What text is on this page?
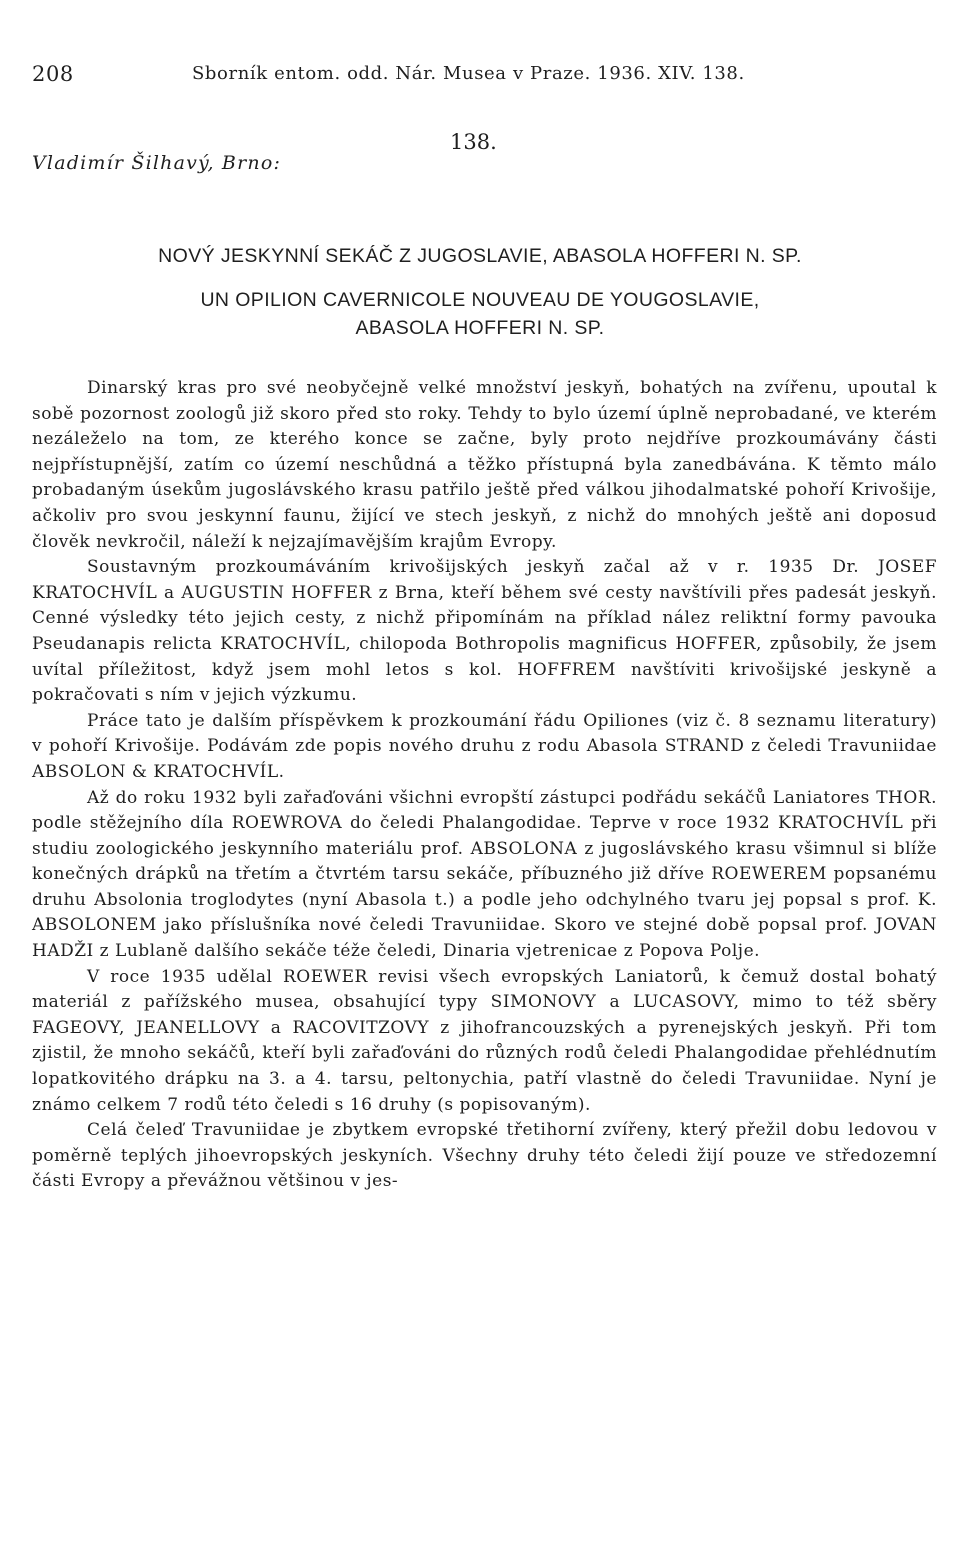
208	Sborník entom. odd. Nár. Musea v Praze. 1936. XIV. 138.
138.
Vladimír Šilhavý, Brno:
NOVÝ JESKYNNÍ SEKÁČ Z JUGOSLAVIE, ABASOLA HOFFERI N. SP.
UN OPILION CAVERNICOLE NOUVEAU DE YOUGOSLAVIE,
ABASOLA HOFFERI N. SP.

Dinarský kras pro své neobyčejně velké množství jeskyň, bohatých na zvířenu, upoutal k sobě pozornost zoologů již skoro před sto roky. Tehdy to bylo území úplně neprobadané, ve kterém nezáleželo na tom, ze kterého konce se začne, byly proto nejdříve prozkoumávány části nejpřístupnější, zatím co území neschůdná a těžko přístupná byla zanedbávána. K těmto málo probadaným úsekům jugoslávského krasu patřilo ještě před válkou jihodalmatské pohoří Krivošije, ačkoliv pro svou jeskynní faunu, žijící ve stech jeskyň, z nichž do mnohých ještě ani doposud člověk nevkročil, náleží k nejzajímavějším krajům Evropy.

Soustavným prozkoumáváním krivošijských jeskyň začal až v r. 1935 Dr. JOSEF KRATOCHVÍL a AUGUSTIN HOFFER z Brna, kteří během své cesty navštívili přes padesát jeskyň. Cenné výsledky této jejich cesty, z nichž připomínám na příklad nález reliktní formy pavouka Pseudanapis relicta KRATOCHVÍL, chilopoda Bothropolis magnificus HOFFER, způsobily, že jsem uvítal příležitost, když jsem mohl letos s kol. HOFFREM navštíviti krivošijské jeskyně a pokračovati s ním v jejich výzkumu.

Práce tato je dalším příspěvkem k prozkoumání řádu Opiliones (viz č. 8 seznamu literatury) v pohoří Krivošije. Podávám zde popis nového druhu z rodu Abasola STRAND z čeledi Travuniidae ABSOLON & KRATOCHVÍL.

Až do roku 1932 byli zařaďováni všichni evropští zástupci podřádu sekáčů Laniatores THOR. podle stěžejního díla ROEWROVA do čeledi Phalangodidae. Teprve v roce 1932 KRATOCHVÍL při studiu zoologického jeskynního materiálu prof. ABSOLONA z jugoslávského krasu všimnul si blíže konečných drápků na třetím a čtvrtém tarsu sekáče, příbuzného již dříve ROEWEREM popsanému druhu Absolonia troglodytes (nyní Abasola t.) a podle jeho odchylného tvaru jej popsal s prof. K. ABSOLONEM jako příslušníka nové čeledi Travuniidae. Skoro ve stejné době popsal prof. JOVAN HADŽI z Lublaně dalšího sekáče téže čeledi, Dinaria vjetrenicae z Popova Polje.

V roce 1935 udělal ROEWER revisi všech evropských Laniatorů, k čemuž dostal bohatý materiál z pařížského musea, obsahující typy SIMONOVY a LUCASOVY, mimo to též sběry FAGEOVY, JEANELLOVY a RACOVITZOVY z jihofrancouzských a pyrenejských jeskyň. Při tom zjistil, že mnoho sekáčů, kteří byli zařaďováni do různých rodů čeledi Phalangodidae přehlédnutím lopatkovitého drápku na 3. a 4. tarsu, peltonychia, patří vlastně do čeledi Travuniidae. Nyní je známo celkem 7 rodů této čeledi s 16 druhy (s popisovaným).

Celá čeleď Travuniidae je zbytkem evropské třetihorní zvířeny, který přežil dobu ledovou v poměrně teplých jihoevropských jeskyních. Všechny druhy této čeledi žijí pouze ve středozemní části Evropy a převážnou většinou v jes-
